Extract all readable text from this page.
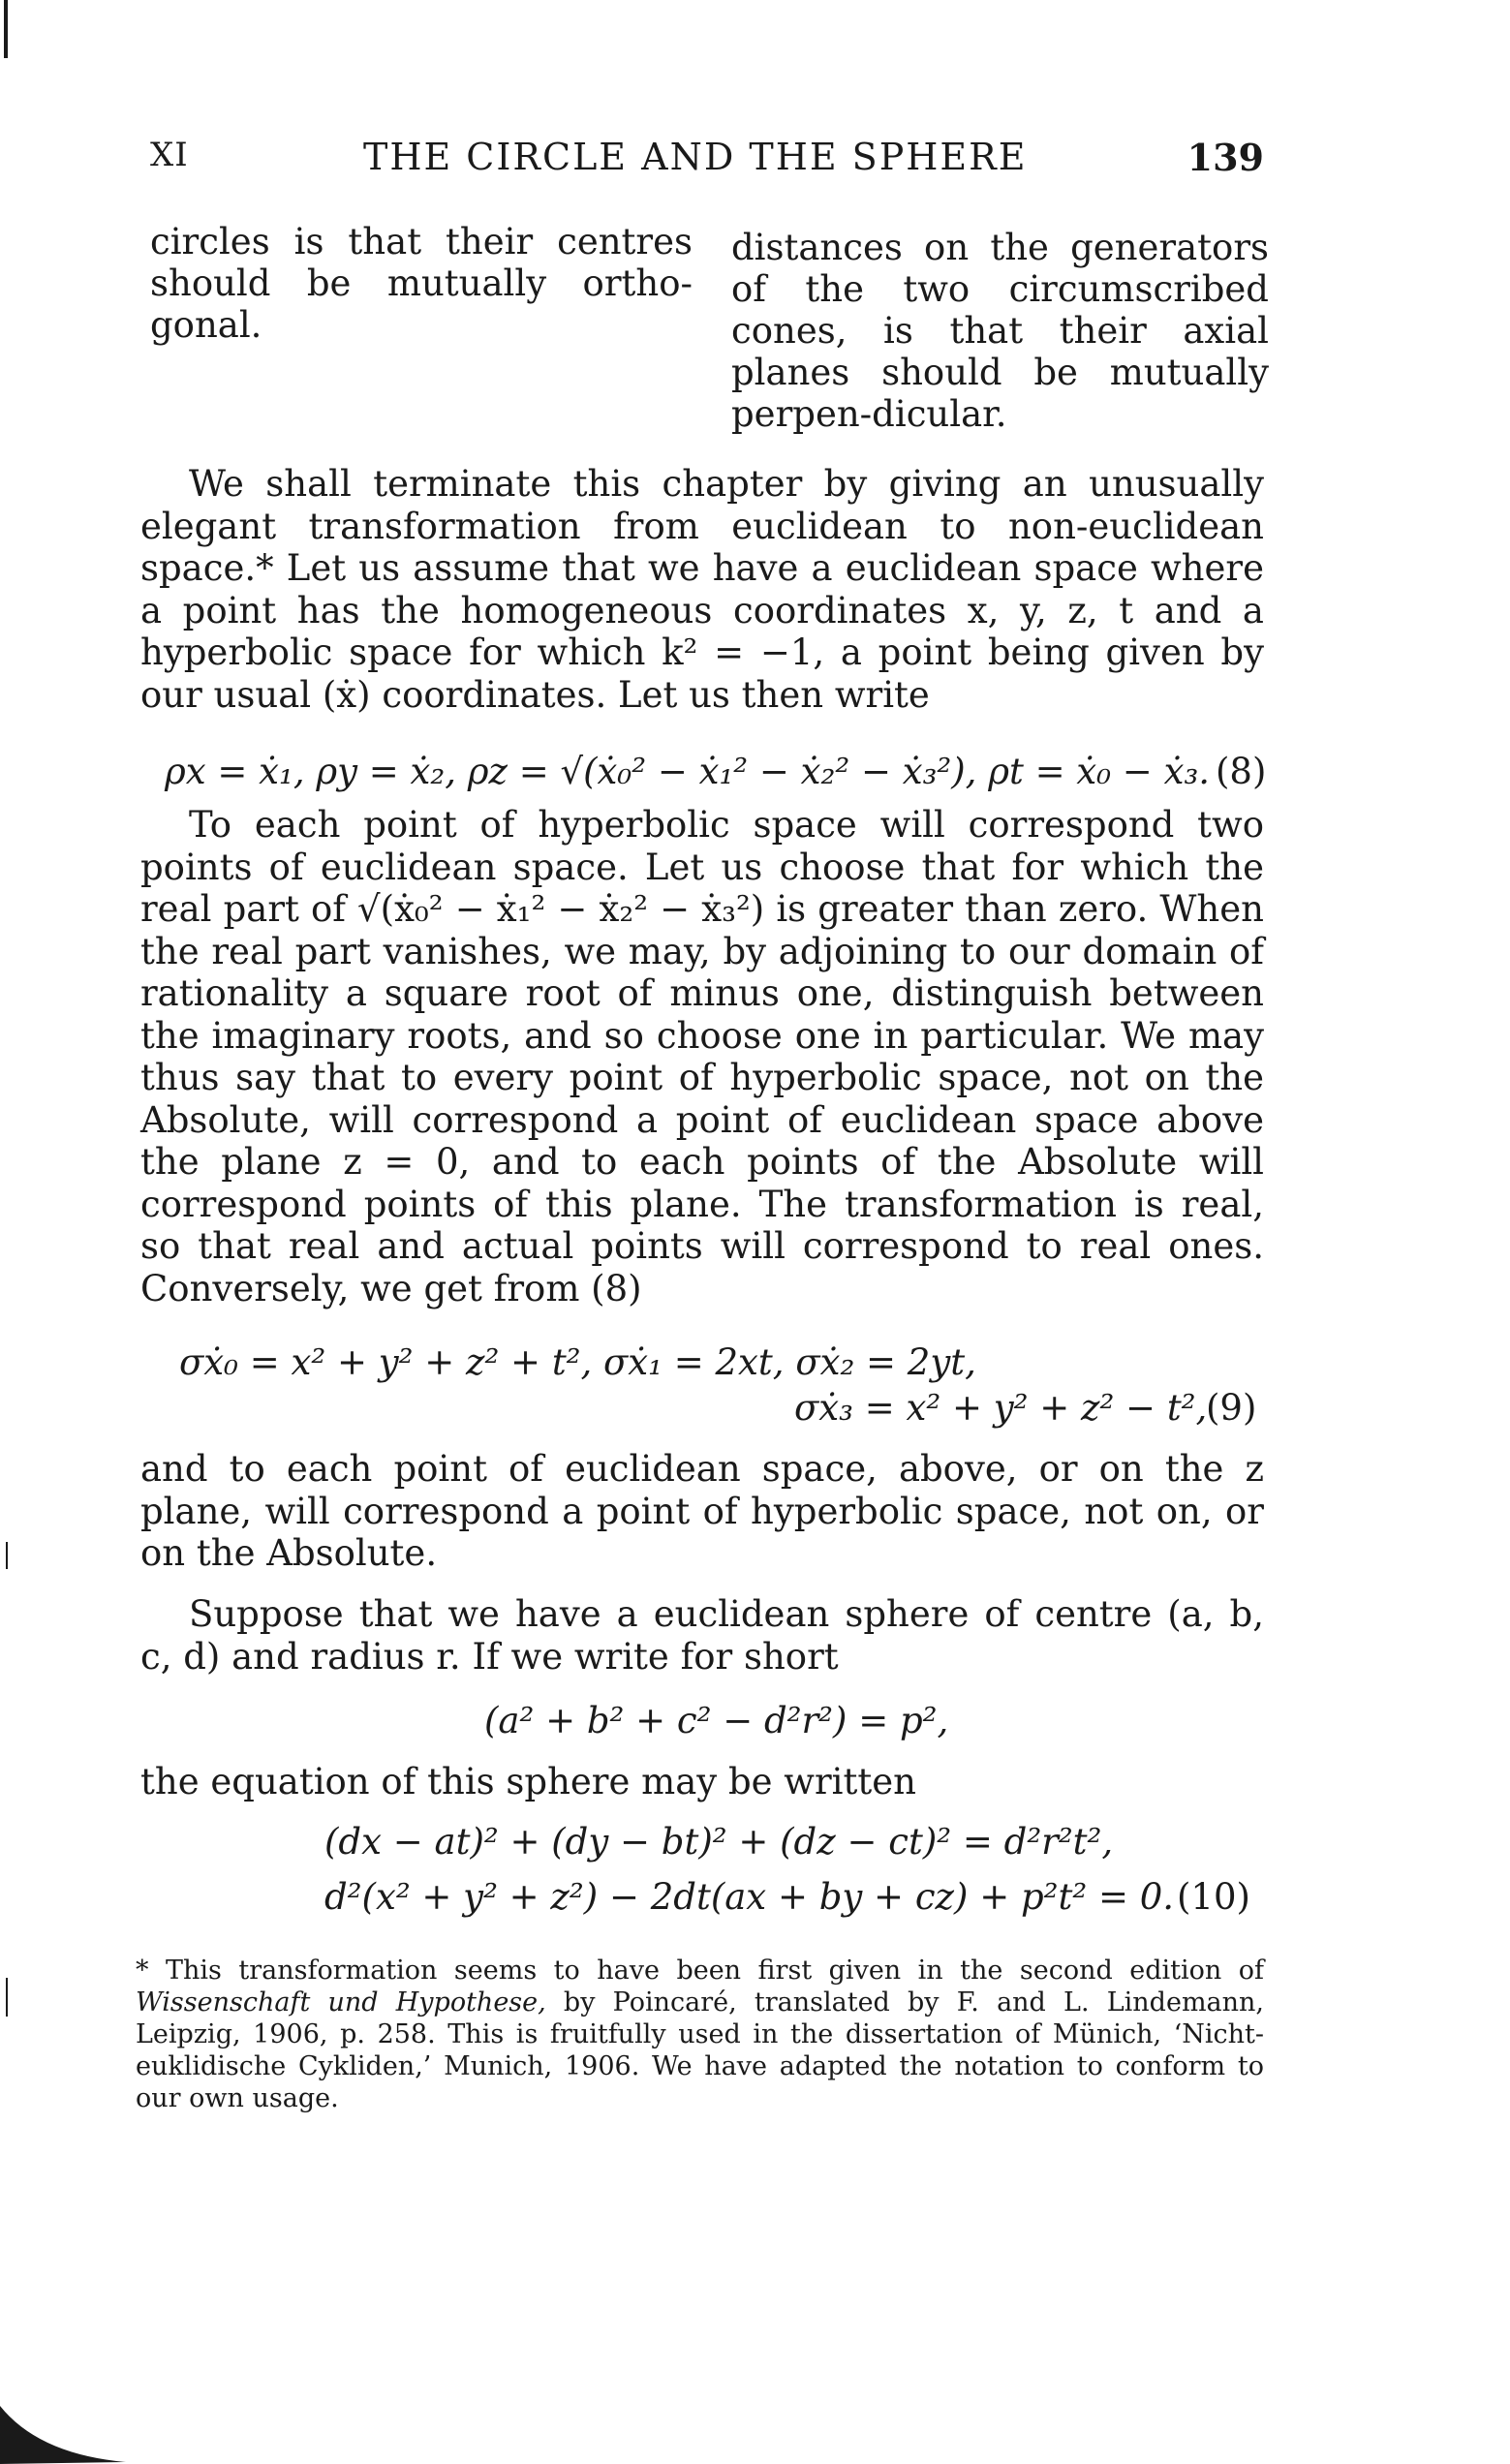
XI	THE CIRCLE AND THE SPHERE	139
circles is that their centres should be mutually ortho-gonal.
distances on the generators of the two circumscribed cones, is that their axial planes should be mutually perpen-dicular.

We shall terminate this chapter by giving an unusually elegant transformation from euclidean to non-euclidean space.* Let us assume that we have a euclidean space where a point has the homogeneous coordinates x, y, z, t and a hyperbolic space for which k² = −1, a point being given by our usual (ẋ) coordinates. Let us then write

ρx = ẋ₁, ρy = ẋ₂, ρz = √(ẋ₀² − ẋ₁² − ẋ₂² − ẋ₃²), ρt = ẋ₀ − ẋ₃. (8)

To each point of hyperbolic space will correspond two points of euclidean space. Let us choose that for which the real part of √(ẋ₀² − ẋ₁² − ẋ₂² − ẋ₃²) is greater than zero. When the real part vanishes, we may, by adjoining to our domain of rationality a square root of minus one, distinguish between the imaginary roots, and so choose one in particular. We may thus say that to every point of hyperbolic space, not on the Absolute, will correspond a point of euclidean space above the plane z = 0, and to each points of the Absolute will correspond points of this plane. The transformation is real, so that real and actual points will correspond to real ones. Conversely, we get from (8)

σẋ₀ = x² + y² + z² + t², σẋ₁ = 2xt, σẋ₂ = 2yt,
σẋ₃ = x² + y² + z² − t²,
(9)

and to each point of euclidean space, above, or on the z plane, will correspond a point of hyperbolic space, not on, or on the Absolute.

Suppose that we have a euclidean sphere of centre (a, b, c, d) and radius r. If we write for short

(a² + b² + c² − d²r²) = p²,

the equation of this sphere may be written

(dx − at)² + (dy − bt)² + (dz − ct)² = d²r²t²,
d²(x² + y² + z²) − 2dt(ax + by + cz) + p²t² = 0. (10)
* This transformation seems to have been first given in the second edition of Wissenschaft und Hypothese, by Poincaré, translated by F. and L. Lindemann, Leipzig, 1906, p. 258. This is fruitfully used in the dissertation of Münich, ‘Nicht-euklidische Cykliden,’ Munich, 1906. We have adapted the notation to conform to our own usage.
